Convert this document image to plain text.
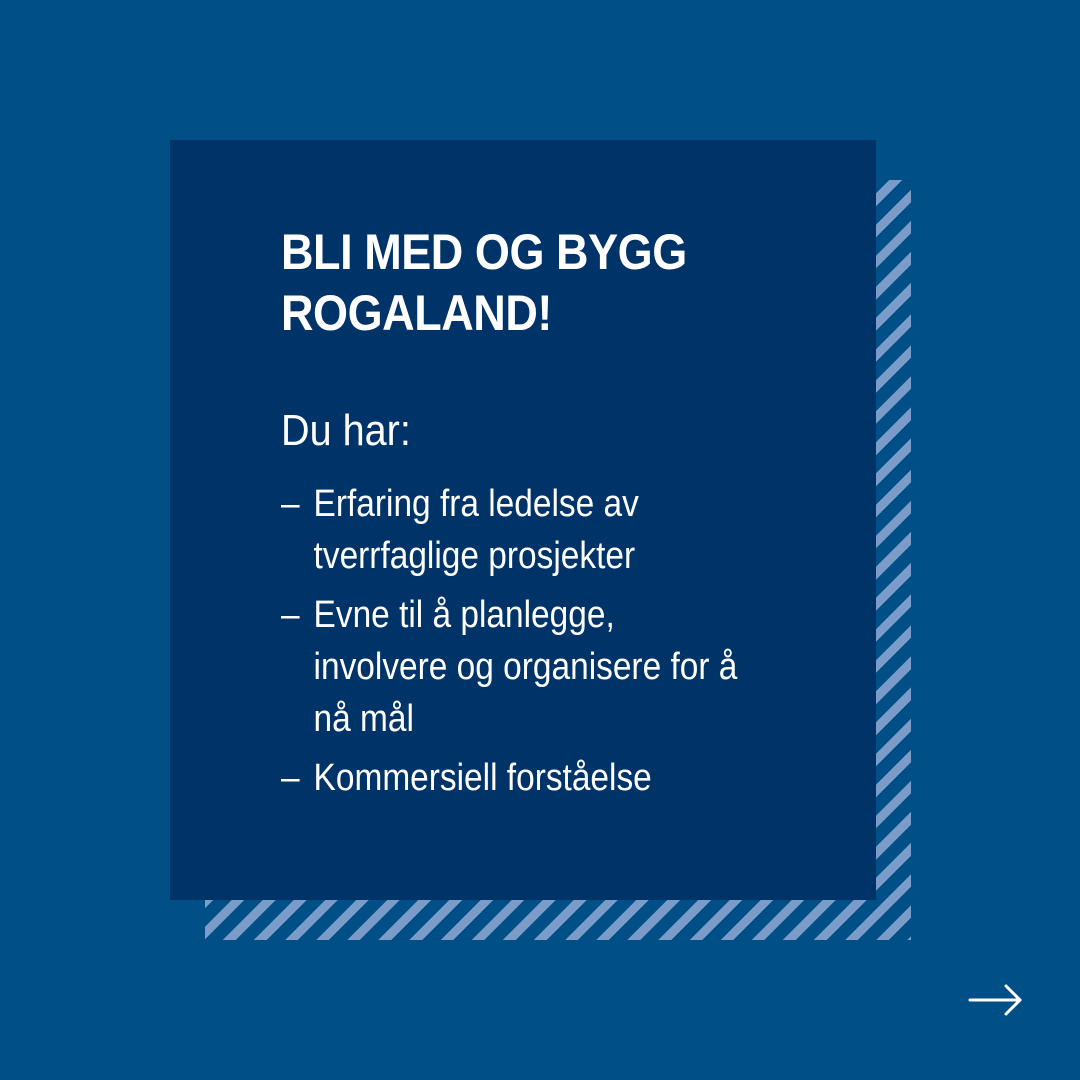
BLI MED OG BYGG ROGALAND!
Du har:
– Erfaring fra ledelse av tverrfaglige prosjekter
– Evne til å planlegge, involvere og organisere for å nå mål
– Kommersiell forståelse
